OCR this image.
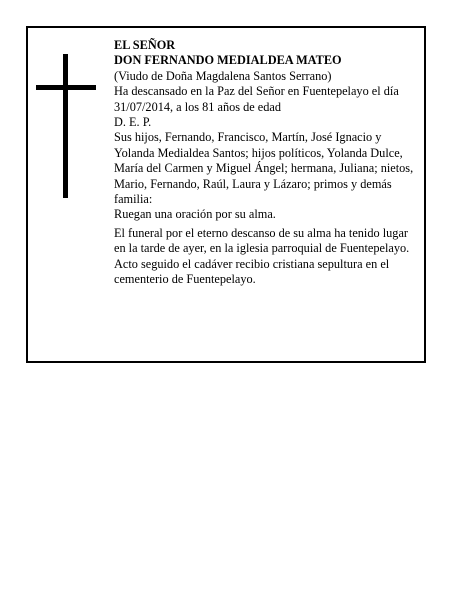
EL SEÑOR

DON FERNANDO MEDIALDEA MATEO

(Viudo de Doña Magdalena Santos Serrano)

Ha descansado en la Paz del Señor en Fuentepelayo el día 31/07/2014, a los 81 años de edad

D. E. P.

Sus hijos, Fernando, Francisco, Martín, José Ignacio y Yolanda Medialdea Santos; hijos políticos, Yolanda Dulce, María del Carmen y Miguel Ángel; hermana, Juliana; nietos, Mario, Fernando, Raúl, Laura y Lázaro; primos y demás familia:

Ruegan una oración por su alma.

El funeral por el eterno descanso de su alma ha tenido lugar en la tarde de ayer, en la iglesia parroquial de Fuentepelayo. Acto seguido el cadáver recibio cristiana sepultura en el cementerio de Fuentepelayo.
